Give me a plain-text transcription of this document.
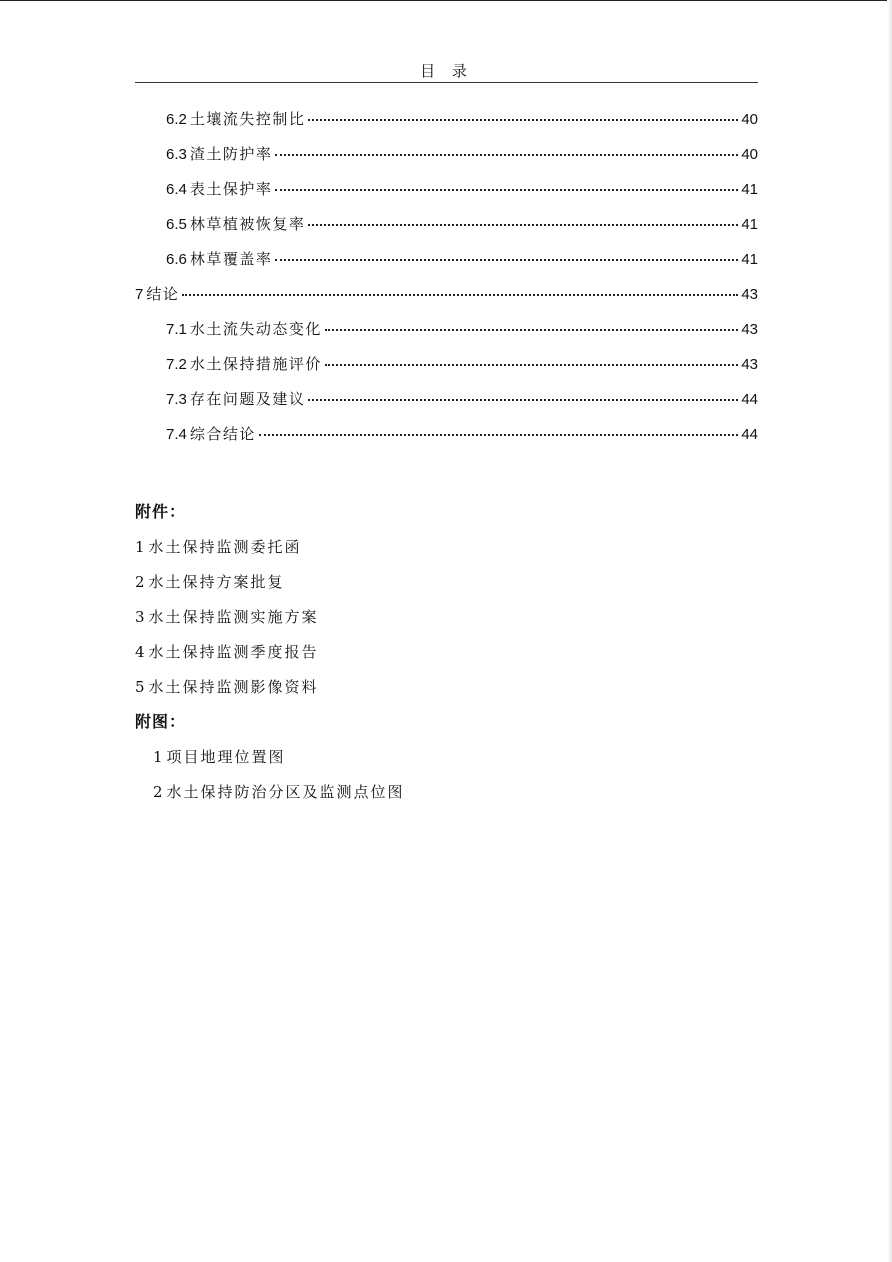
目 录
6.2 土壤流失控制比	40
6.3 渣土防护率	40
6.4 表土保护率	41
6.5 林草植被恢复率	41
6.6 林草覆盖率	41
7 结论	43
7.1 水土流失动态变化	43
7.2 水土保持措施评价	43
7.3 存在问题及建议	44
7.4 综合结论	44
附件：
1 水土保持监测委托函
2 水土保持方案批复
3 水土保持监测实施方案
4 水土保持监测季度报告
5 水土保持监测影像资料
附图：
1 项目地理位置图
2 水土保持防治分区及监测点位图
